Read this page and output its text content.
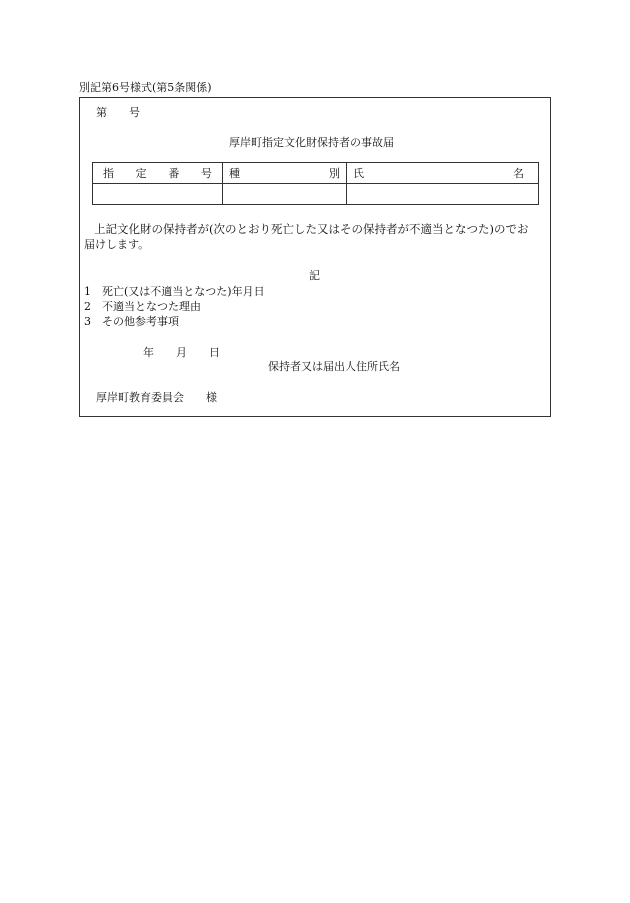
別記第6号様式(第5条関係)
第　　号
厚岸町指定文化財保持者の事故届
指 定 番 号	種 別	氏 名

上記文化財の保持者が(次のとおり死亡した又はその保持者が不適当となつた)のでお
届けします。
記
1　死亡(又は不適当となつた)年月日
2　不適当となつた理由
3　その他参考事項
年　　月　　日
保持者又は届出人住所氏名
厚岸町教育委員会　　様
